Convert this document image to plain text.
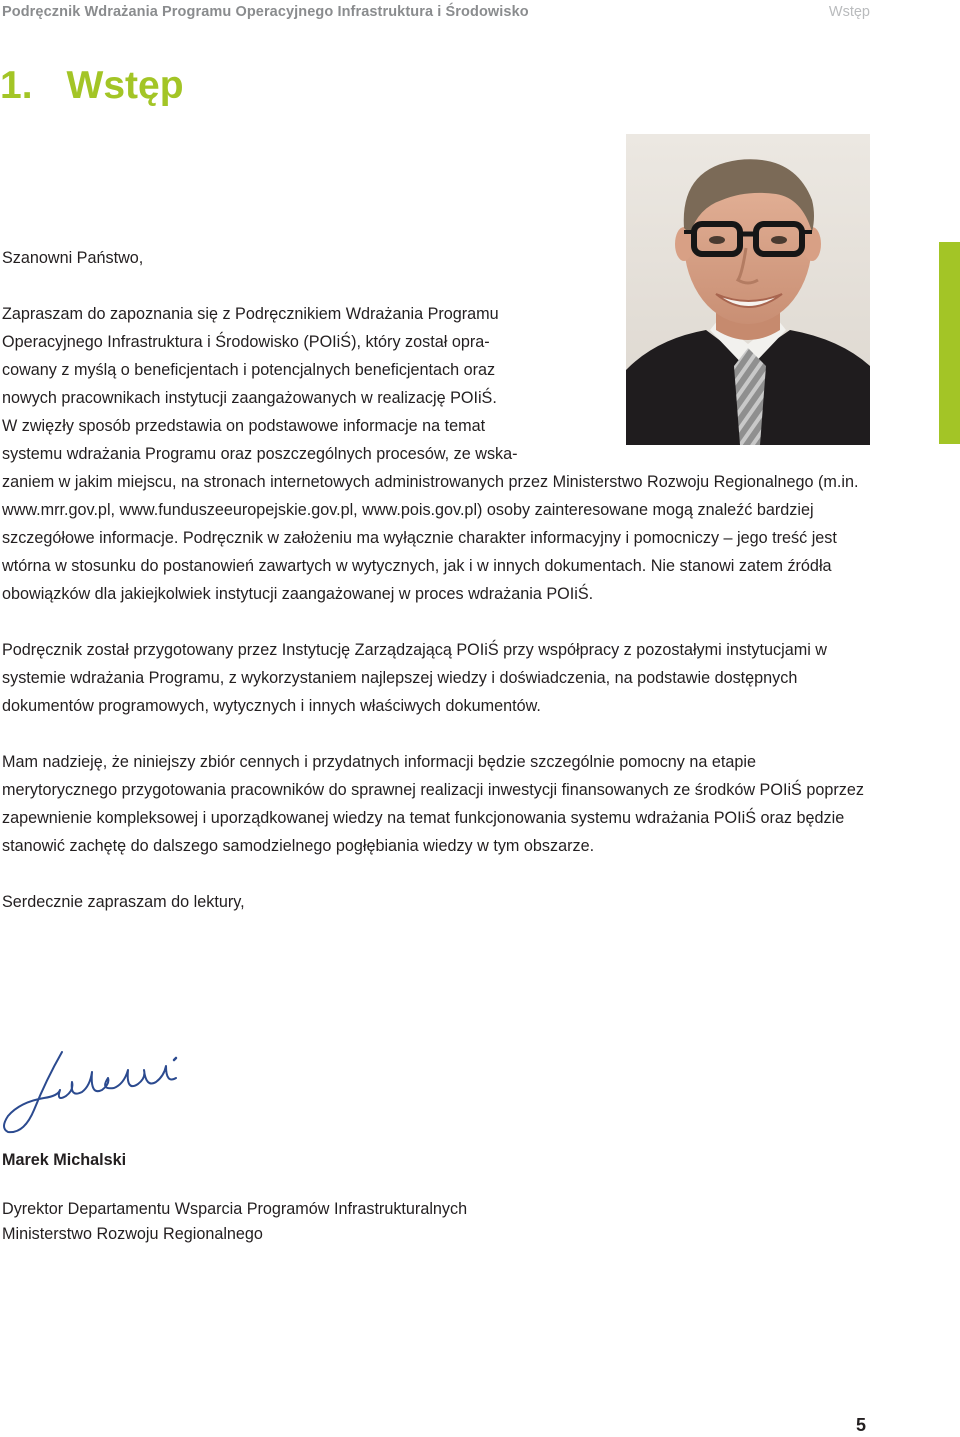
Podręcznik Wdrażania Programu Operacyjnego Infrastruktura i Środowisko	Wstęp
1. Wstęp

Szanowni Państwo,

Zapraszam do zapoznania się z Podręcznikiem Wdrażania Programu

Operacyjnego Infrastruktura i Środowisko (POIiŚ), który został opra-

cowany z myślą o beneficjentach i potencjalnych beneficjentach oraz

nowych pracownikach instytucji zaangażowanych w realizację POIiŚ.

W zwięzły sposób przedstawia on podstawowe informacje na temat

systemu wdrażania Programu oraz poszczególnych procesów, ze wska-

zaniem w jakim miejscu, na stronach internetowych administrowanych przez Ministerstwo Rozwoju Regionalnego (m.in. www.mrr.gov.pl, www.funduszeeuropejskie.gov.pl, www.pois.gov.pl) osoby zainteresowane mogą znaleźć bardziej szczegółowe informacje. Podręcznik w założeniu ma wyłącznie charakter informacyjny i pomocniczy – jego treść jest wtórna w stosunku do postanowień zawartych w wytycznych, jak i w innych dokumentach. Nie stanowi zatem źródła obowiązków dla jakiejkolwiek instytucji zaangażowanej w proces wdrażania POIiŚ.

Podręcznik został przygotowany przez Instytucję Zarządzającą POIiŚ przy współpracy z pozostałymi instytucjami w systemie wdrażania Programu, z wykorzystaniem najlepszej wiedzy i doświadczenia, na podstawie dostępnych dokumentów programowych, wytycznych i innych właściwych dokumentów.

Mam nadzieję, że niniejszy zbiór cennych i przydatnych informacji będzie szczególnie pomocny na etapie merytorycznego przygotowania pracowników do sprawnej realizacji inwestycji finansowanych ze środków POIiŚ poprzez zapewnienie kompleksowej i uporządkowanej wiedzy na temat funkcjonowania systemu wdrażania POIiŚ oraz będzie stanowić zachętę do dalszego samodzielnego pogłębiania wiedzy w tym obszarze.

Serdecznie zapraszam do lektury,

Marek Michalski
Dyrektor Departamentu Wsparcia Programów Infrastrukturalnych
Ministerstwo Rozwoju Regionalnego
5
